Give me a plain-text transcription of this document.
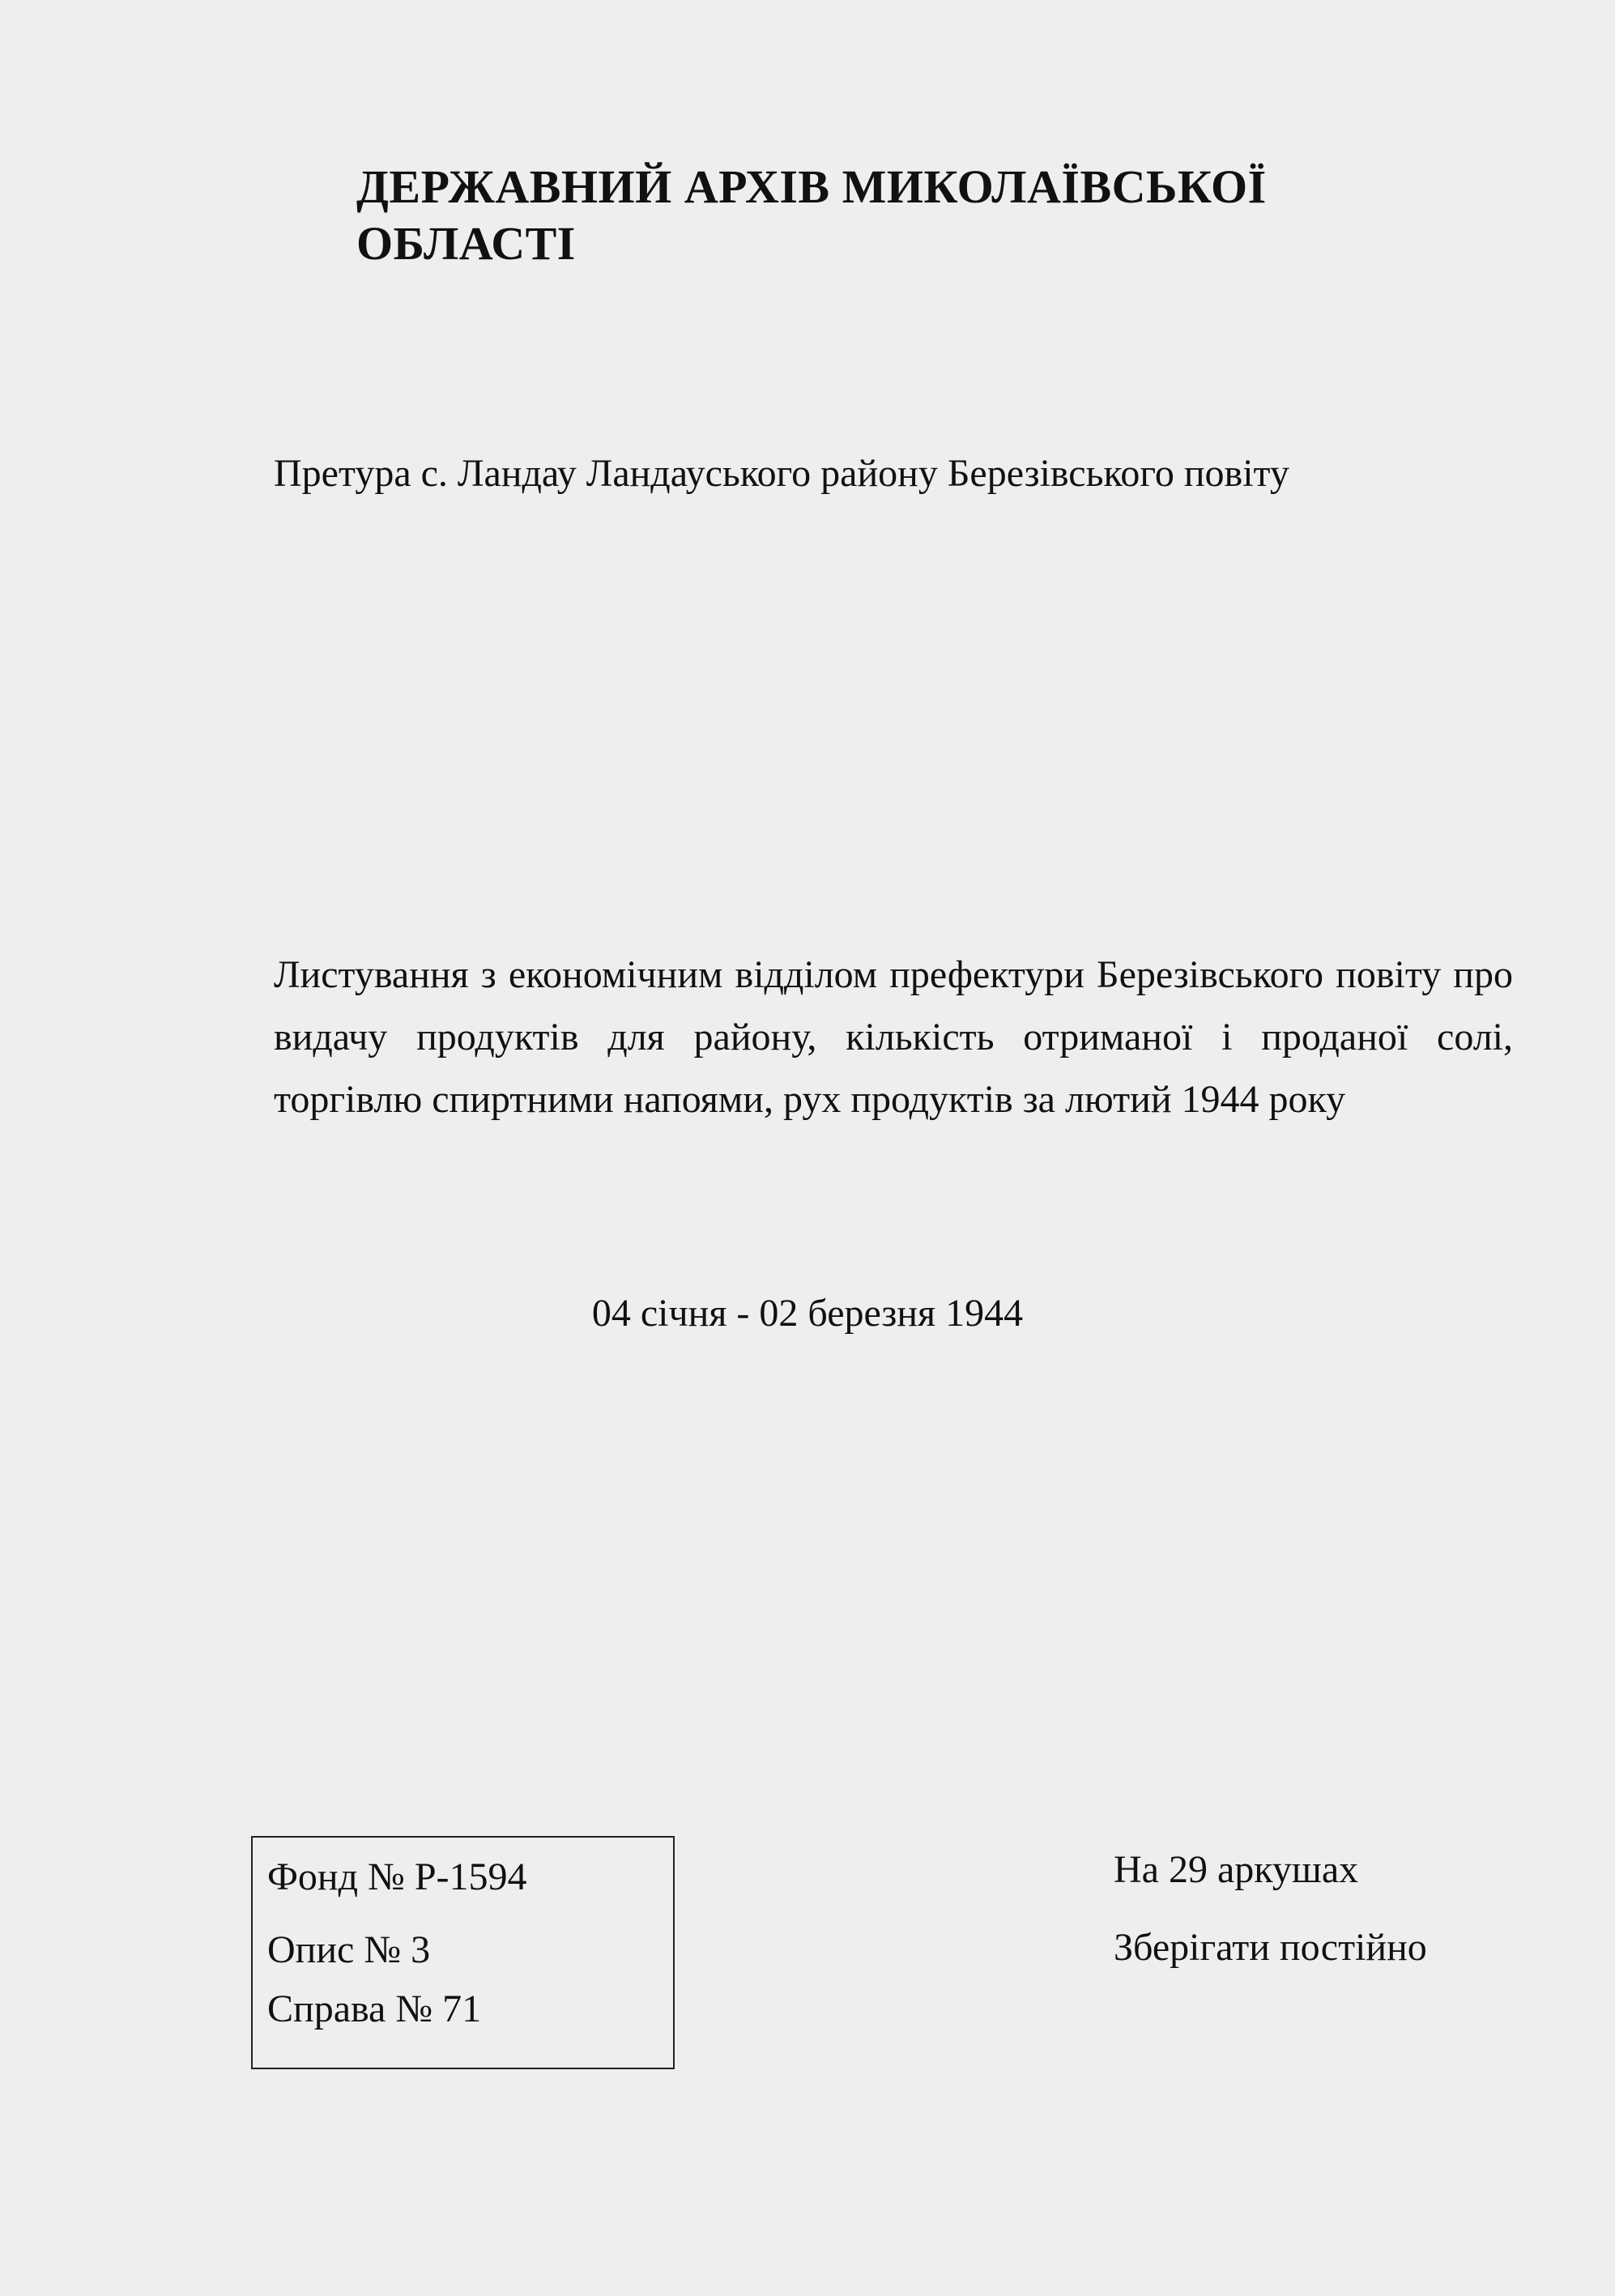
ДЕРЖАВНИЙ АРХІВ МИКОЛАЇВСЬКОЇ ОБЛАСТІ

Претура с. Ландау Ландауського району Березівського повіту

Листування з економічним відділом префектури Березівського повіту про видачу продуктів для району, кількість отриманої і проданої солі, торгівлю спиртними напоями, рух продуктів за лютий 1944 року

04 січня - 02 березня 1944

Фонд № Р-1594

Опис № 3

Справа № 71

На 29 аркушах

Зберігати постійно
